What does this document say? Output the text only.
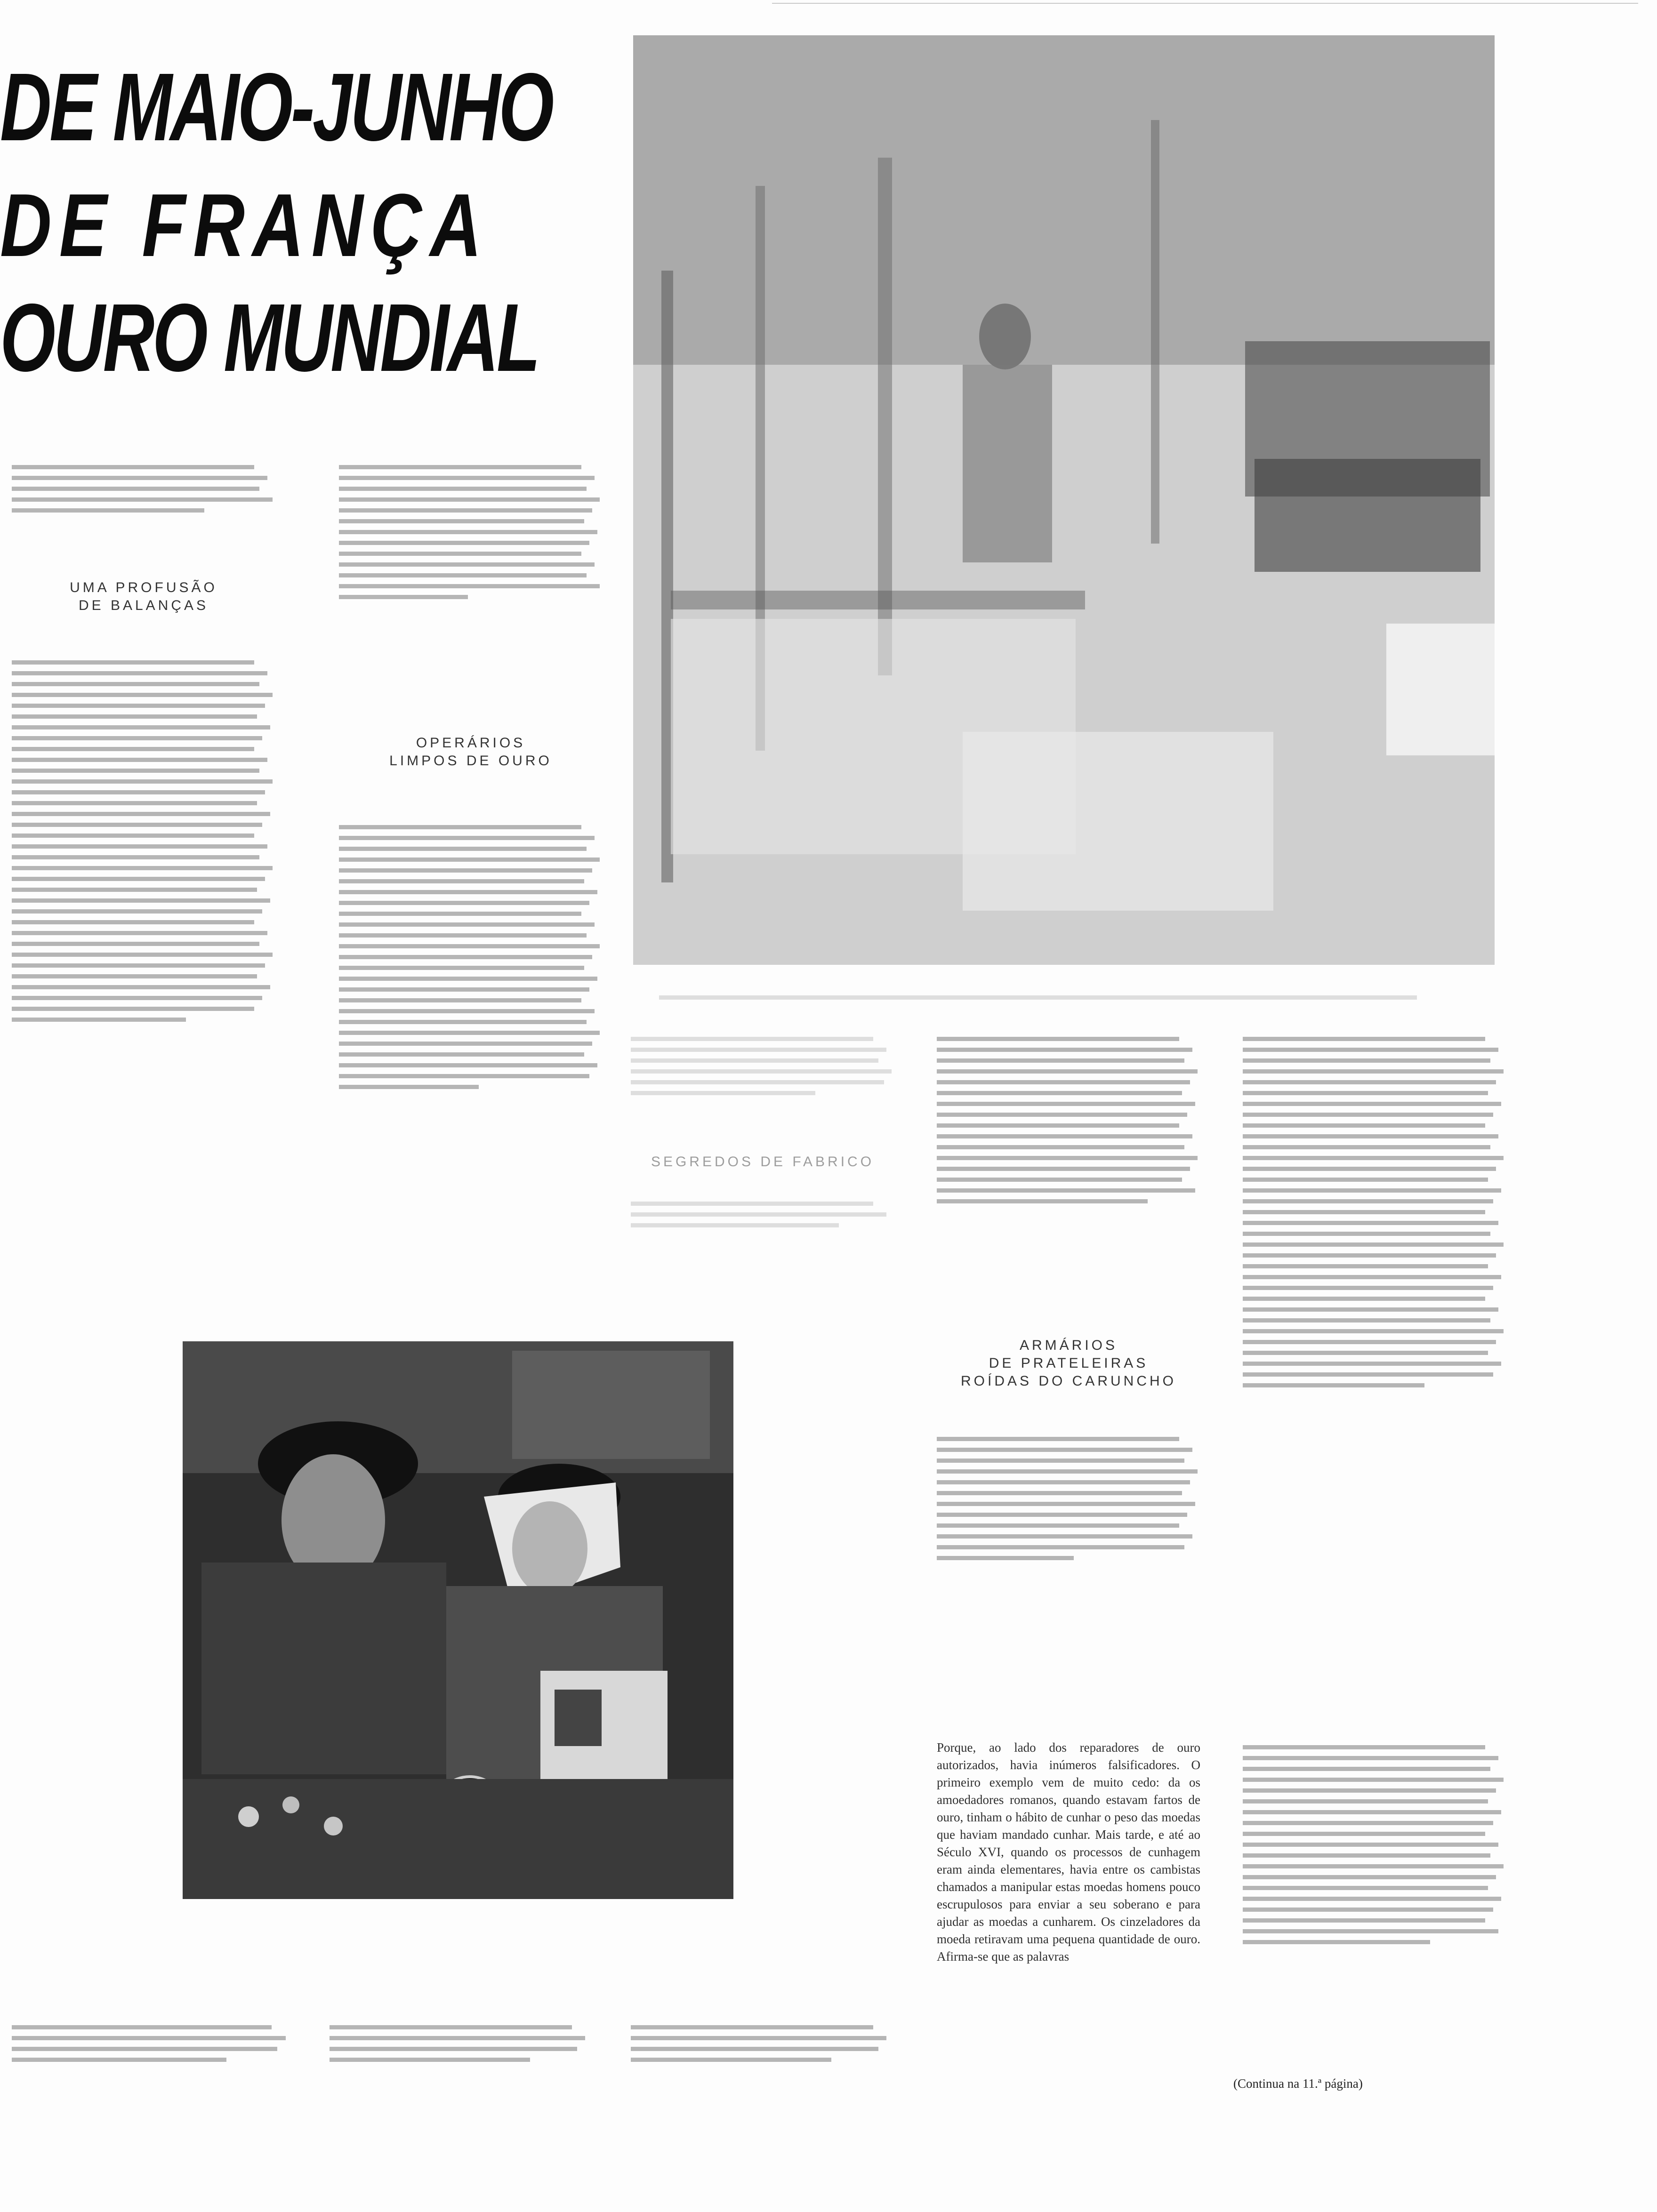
DE MAIO-JUNHO
DE FRANÇA
OURO MUNDIAL
UMA PROFUSÃO
DE BALANÇAS
OPERÁRIOS
LIMPOS DE OURO
SEGREDOS DE FABRICO
ARMÁRIOS
DE PRATELEIRAS
ROÍDAS DO CARUNCHO
Porque, ao lado dos reparadores de ouro autorizados, havia inúmeros falsificadores. O primeiro exemplo vem de muito cedo: da os amoedadores romanos, quando estavam fartos de ouro, tinham o hábito de cunhar o peso das moedas que haviam mandado cunhar. Mais tarde, e até ao Século XVI, quando os processos de cunhagem eram ainda elementares, havia entre os cambistas chamados a manipular estas moedas homens pouco escrupulosos para enviar a seu soberano e para ajudar as moedas a cunharem. Os cinzeladores da moeda retiravam uma pequena quantidade de ouro. Afirma-se que as palavras
(Continua na 11.ª página)
